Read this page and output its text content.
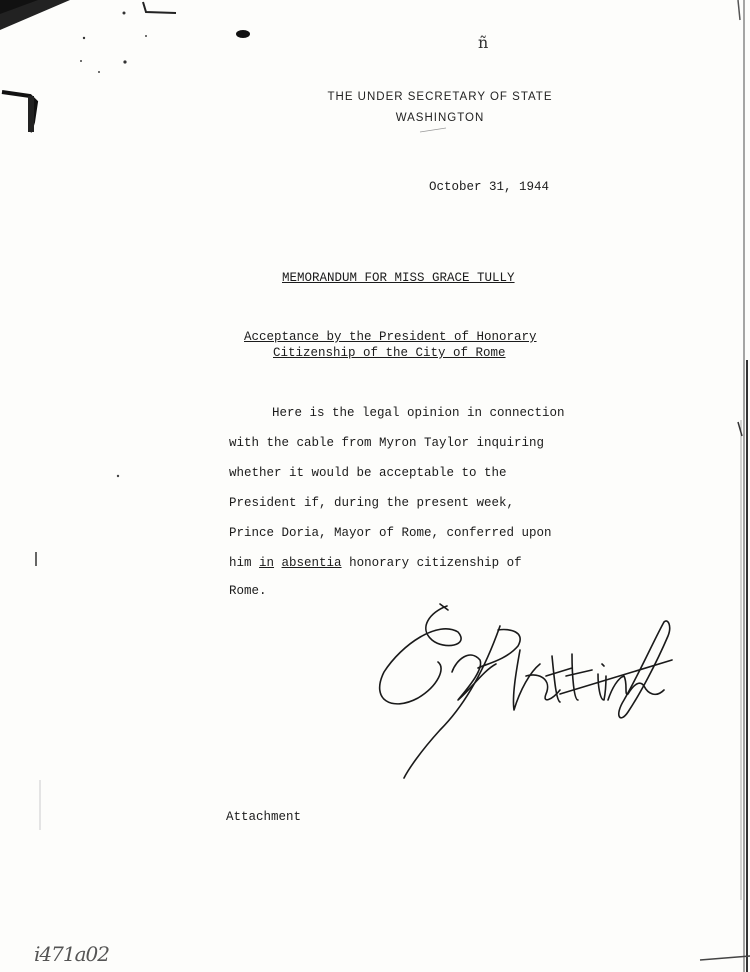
ñ
THE UNDER SECRETARY OF STATE
WASHINGTON
October 31, 1944
MEMORANDUM FOR MISS GRACE TULLY
Acceptance by the President of Honorary
Citizenship of the City of Rome
Here is the legal opinion in connection
with the cable from Myron Taylor inquiring
whether it would be acceptable to the
President if, during the present week,
Prince Doria, Mayor of Rome, conferred upon
him in absentia honorary citizenship of
Rome.
Attachment
i471a02
